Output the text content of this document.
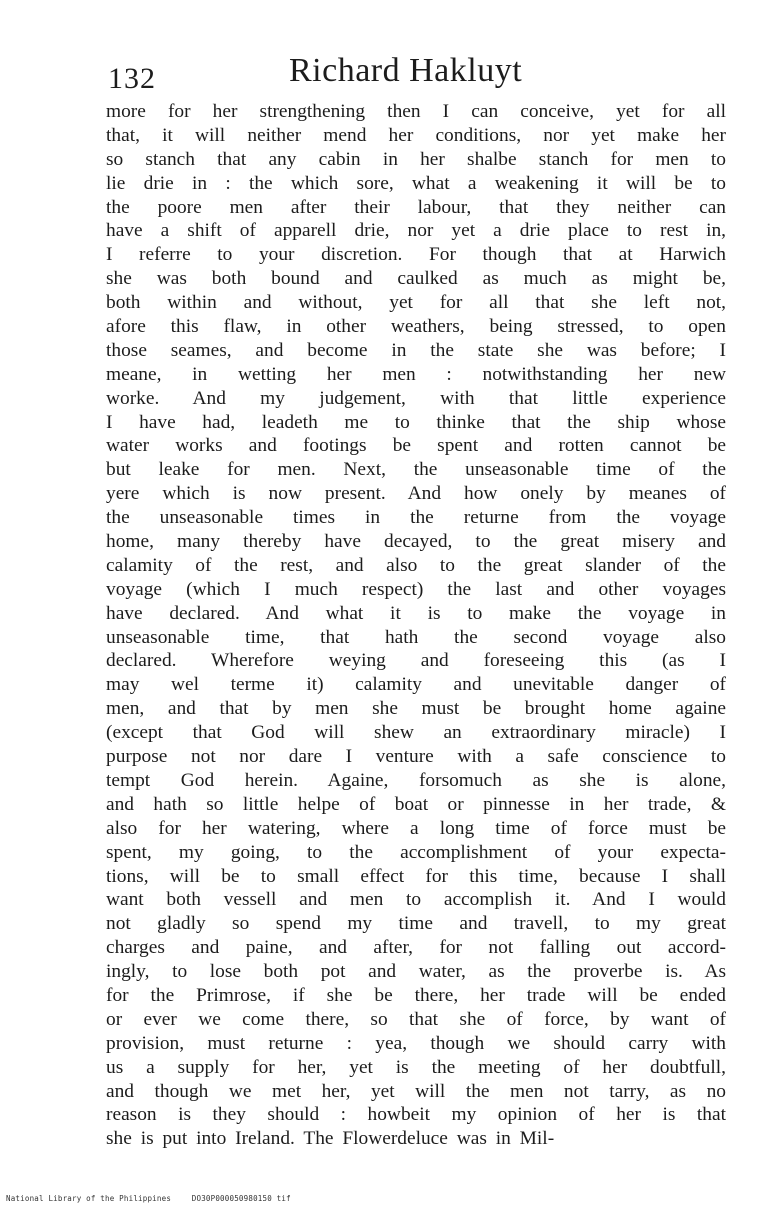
132	Richard Hakluyt
more for her strengthening then I can conceive, yet for all
that, it will neither mend her conditions, nor yet make her
so stanch that any cabin in her shalbe stanch for men to
lie drie in : the which sore, what a weakening it will be to
the poore men after their labour, that they neither can
have a shift of apparell drie, nor yet a drie place to rest in,
I referre to your discretion. For though that at Harwich
she was both bound and caulked as much as might be,
both within and without, yet for all that she left not,
afore this flaw, in other weathers, being stressed, to open
those seames, and become in the state she was before; I
meane, in wetting her men : notwithstanding her new
worke. And my judgement, with that little experience
I have had, leadeth me to thinke that the ship whose
water works and footings be spent and rotten cannot be
but leake for men. Next, the unseasonable time of the
yere which is now present. And how onely by meanes of
the unseasonable times in the returne from the voyage
home, many thereby have decayed, to the great misery and
calamity of the rest, and also to the great slander of the
voyage (which I much respect) the last and other voyages
have declared. And what it is to make the voyage in
unseasonable time, that hath the second voyage also
declared. Wherefore weying and foreseeing this (as I
may wel terme it) calamity and unevitable danger of
men, and that by men she must be brought home againe
(except that God will shew an extraordinary miracle) I
purpose not nor dare I venture with a safe conscience to
tempt God herein. Againe, forsomuch as she is alone,
and hath so little helpe of boat or pinnesse in her trade, &
also for her watering, where a long time of force must be
spent, my going, to the accomplishment of your expecta-
tions, will be to small effect for this time, because I shall
want both vessell and men to accomplish it. And I would
not gladly so spend my time and travell, to my great
charges and paine, and after, for not falling out accord-
ingly, to lose both pot and water, as the proverbe is. As
for the Primrose, if she be there, her trade will be ended
or ever we come there, so that she of force, by want of
provision, must returne : yea, though we should carry with
us a supply for her, yet is the meeting of her doubtfull,
and though we met her, yet will the men not tarry, as no
reason is they should : howbeit my opinion of her is that
she is put into Ireland. The Flowerdeluce was in Mil-
National Library of the Philippines	DO30P000050980150 tif
